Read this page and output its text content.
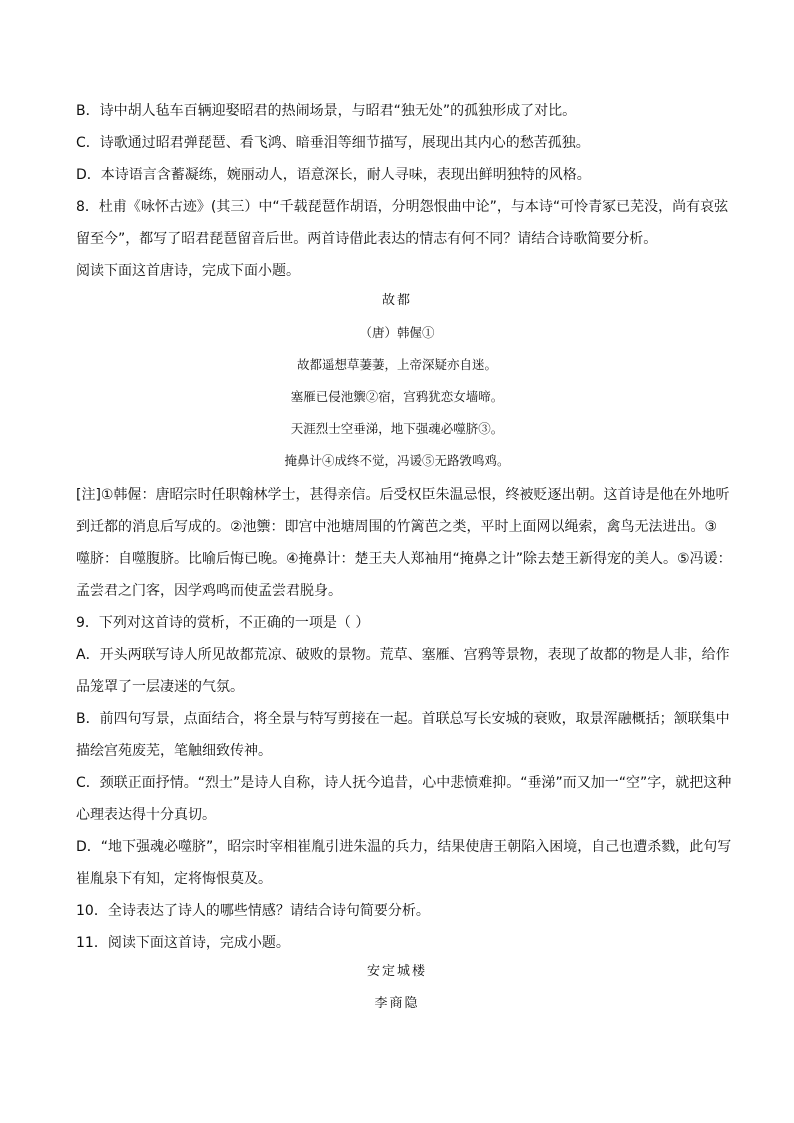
B．诗中胡人毡车百辆迎娶昭君的热闹场景，与昭君“独无处”的孤独形成了对比。
C．诗歌通过昭君弹琵琶、看飞鸿、暗垂泪等细节描写，展现出其内心的愁苦孤独。
D．本诗语言含蓄凝练，婉丽动人，语意深长，耐人寻味，表现出鲜明独特的风格。
8．杜甫《咏怀古迹》(其三）中“千载琵琶作胡语，分明怨恨曲中论”，与本诗“可怜青冢已芜没，尚有哀弦
留至今”，都写了昭君琵琶留音后世。两首诗借此表达的情志有何不同？请结合诗歌简要分析。
阅读下面这首唐诗，完成下面小题。
故都
（唐）韩偓①
故都遥想草萋萋，上帝深疑亦自迷。
塞雁已侵池籞②宿，宫鸦犹恋女墙啼。
天涯烈士空垂涕，地下强魂必噬脐③。
掩鼻计④成终不觉，冯谖⑤无路敩鸣鸡。
[注]①韩偓：唐昭宗时任职翰林学士，甚得亲信。后受权臣朱温忌恨，终被贬逐出朝。这首诗是他在外地听
到迁都的消息后写成的。②池籞：即宫中池塘周围的竹篱芭之类，平时上面网以绳索，禽鸟无法进出。③
噬脐：自噬腹脐。比喻后悔已晚。④掩鼻计：楚王夫人郑袖用“掩鼻之计”除去楚王新得宠的美人。⑤冯谖：
孟尝君之门客，因学鸡鸣而使孟尝君脱身。
9．下列对这首诗的赏析，不正确的一项是（ ）
A．开头两联写诗人所见故都荒凉、破败的景物。荒草、塞雁、宫鸦等景物，表现了故都的物是人非，给作
品笼罩了一层凄迷的气氛。
B．前四句写景，点面结合，将全景与特写剪接在一起。首联总写长安城的衰败，取景浑融概括；颔联集中
描绘宫苑废芜，笔触细致传神。
C．颈联正面抒情。“烈士”是诗人自称，诗人抚今追昔，心中悲愤难抑。“垂涕”而又加一“空”字，就把这种
心理表达得十分真切。
D．“地下强魂必噬脐”，昭宗时宰相崔胤引进朱温的兵力，结果使唐王朝陷入困境，自己也遭杀戮，此句写
崔胤泉下有知，定将悔恨莫及。
10．全诗表达了诗人的哪些情感？请结合诗句简要分析。
11．阅读下面这首诗，完成小题。
安定城楼
李商隐
